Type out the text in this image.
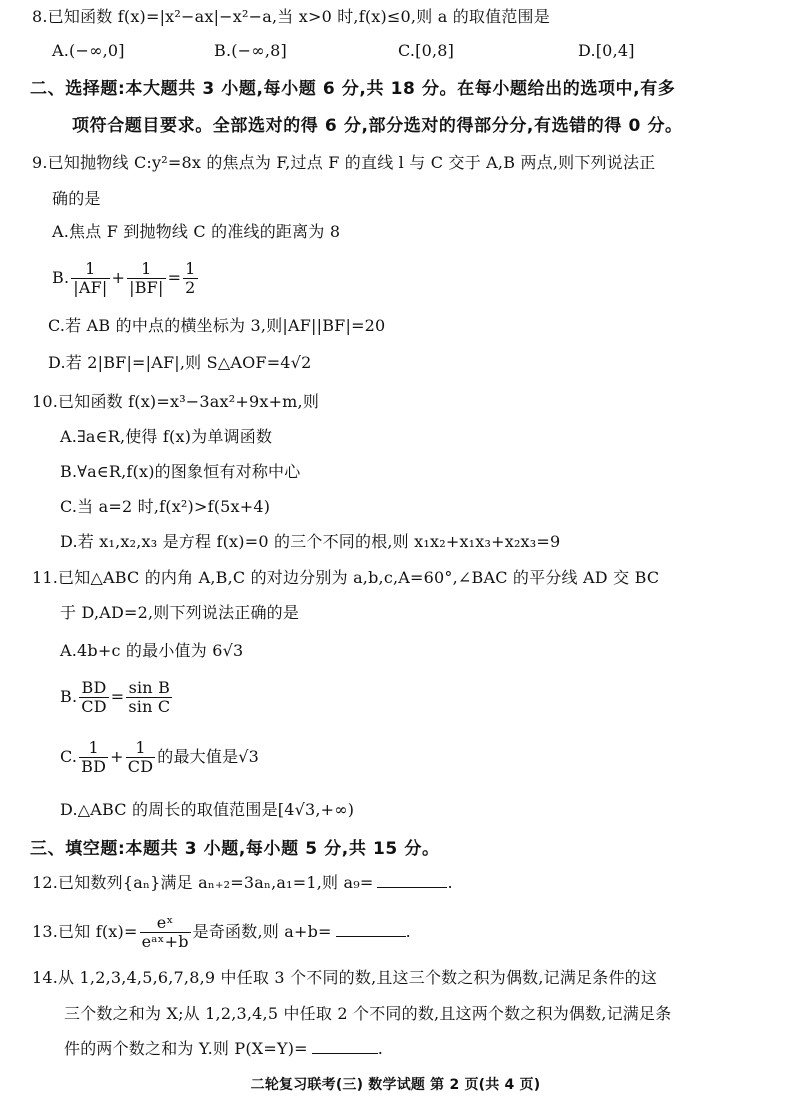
8.已知函数 f(x)=|x²−ax|−x²−a,当 x>0 时,f(x)≤0,则 a 的取值范围是
A.(−∞,0]	B.(−∞,8]	C.[0,8]	D.[0,4]
二、选择题:本大题共 3 小题,每小题 6 分,共 18 分。在每小题给出的选项中,有多
项符合题目要求。全部选对的得 6 分,部分选对的得部分分,有选错的得 0 分。
9.已知抛物线 C:y²=8x 的焦点为 F,过点 F 的直线 l 与 C 交于 A,B 两点,则下列说法正
确的是
A.焦点 F 到抛物线 C 的准线的距离为 8
B. $\frac{1}{|AF|} + \frac{1}{|BF|} = \frac{1}{2}$
C.若 AB 的中点的横坐标为 3,则|AF||BF|=20
D.若 2|BF|=|AF|,则 S△AOF=4√2
10.已知函数 f(x)=x³−3ax²+9x+m,则
A.∃a∈R,使得 f(x)为单调函数
B.∀a∈R,f(x)的图象恒有对称中心
C.当 a=2 时,f(x²)>f(5x+4)
D.若 x₁,x₂,x₃ 是方程 f(x)=0 的三个不同的根,则 x₁x₂+x₁x₃+x₂x₃=9
11.已知△ABC 的内角 A,B,C 的对边分别为 a,b,c,A=60°,∠BAC 的平分线 AD 交 BC
于 D,AD=2,则下列说法正确的是
A.4b+c 的最小值为 6√3
B. $\frac{BD}{CD} = \frac{\text{sin B}}{\text{sin C}}$
C. $\frac{1}{BD} + \frac{1}{CD}$ 的最大值是√3
D.△ABC 的周长的取值范围是[4√3,+∞)
三、填空题:本题共 3 小题,每小题 5 分,共 15 分。
12.已知数列{aₙ}满足 aₙ₊₂=3aₙ,a₁=1,则 a₉=	.
13.已知 $f(x)= \frac{\text{eˣ}}{\text{eᵃˣ+b}}$ 是奇函数,则 a+b=	.
14.从 1,2,3,4,5,6,7,8,9 中任取 3 个不同的数,且这三个数之积为偶数,记满足条件的这
三个数之和为 X;从 1,2,3,4,5 中任取 2 个不同的数,且这两个数之积为偶数,记满足条
件的两个数之和为 Y.则 P(X=Y)=	.
二轮复习联考(三) 数学试题 第 2 页(共 4 页)
